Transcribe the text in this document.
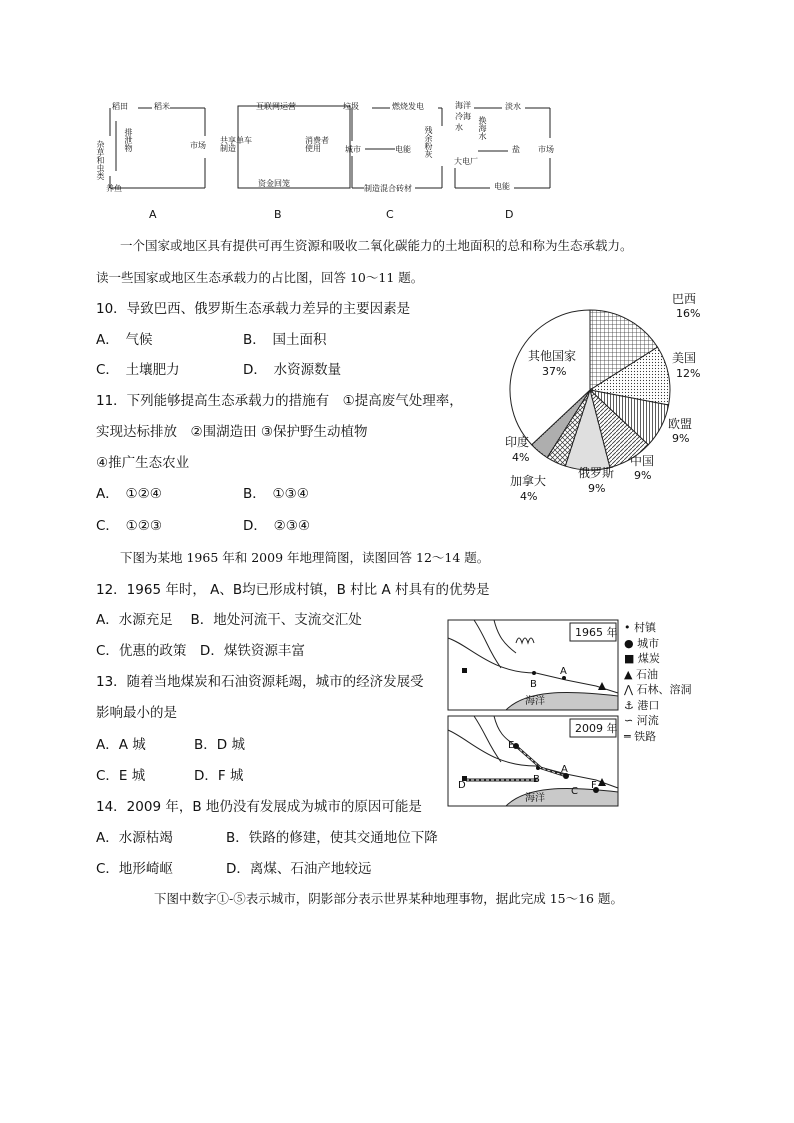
稻田	稻米
杂草和虫类 排泄物	市场
养鱼
A
互联网运营
共享单车制造
消费者使用
资金回笼
B
垃圾	燃烧发电
残余粉灰
城市	电能
制造混合砖材
C
海洋冷海水	换海水
淡水
盐 市场
大电厂
电能
D
一个国家或地区具有提供可再生资源和吸收二氧化碳能力的土地面积的总和称为生态承载力。
读一些国家或地区生态承载力的占比图，回答 10～11 题。
10．导致巴西、俄罗斯生态承载力差异的主要因素是
A．　气候	B．　国土面积
C．　土壤肥力	D．　水资源数量
11．下列能够提高生态承载力的措施有　①提高废气处理率，
实现达标排放　②围湖造田 ③保护野生动植物
④推广生态农业
A．　①②④	B．　①③④
C．　①②③	D．　②③④
巴西
16%
美国
12%
欧盟
9%
中国
9%
俄罗斯
9%
加拿大
4%
印度
4%
其他国家
37%
下图为某地 1965 年和 2009 年地理简图，读图回答 12～14 题。
12．1965 年时， A、B均已形成村镇，B 村比 A 村具有的优势是
A．水源充足　 B．地处河流干、支流交汇处
C．优惠的政策　D．煤铁资源丰富
13．随着当地煤炭和石油资源耗竭，城市的经济发展受
影响最小的是
A．A 城	B．D 城
C．E 城	D．F 城
14．2009 年，B 地仍没有发展成为城市的原因可能是
A．水源枯竭	B．铁路的修建，使其交通地位下降
C．地形崎岖	D．离煤、石油产地较远
B
A
B
A
C
E
F
D
1965 年
2009 年
海洋
海洋
• 村镇
● 城市
■ 煤炭
▲ 石油
⋀ 石林、溶洞
⚓ 港口
∽ 河流
═ 铁路
下图中数字①-⑤表示城市，阴影部分表示世界某种地理事物，据此完成 15～16 题。
